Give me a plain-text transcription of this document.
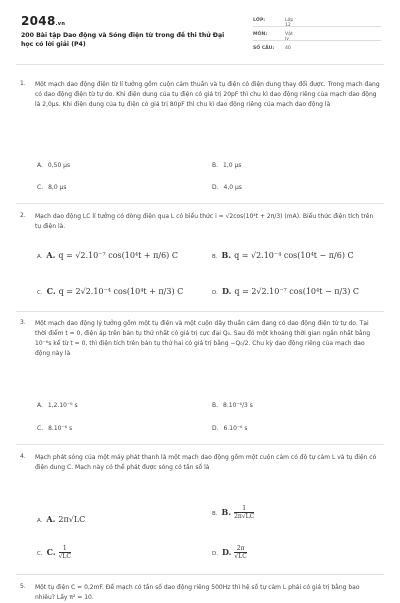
2048.vn
200 Bài tập Dao động và Sóng điện từ trong đề thi thử Đại học có lời giải (P4)
LỚP:	Lớp 12
MÔN:	Vật lý
SỐ CÂU:	40
1. Một mạch dao động điện từ lí tưởng gồm cuộn cảm thuần và tụ điện có điện dung thay đổi được. Trong mạch đang có dao động điện từ tự do. Khi điện dung của tụ điện có giá trị 20pF thì chu kì dao động riêng của mạch dao động là 2,0µs. Khi điện dung của tụ điện có giá trị 80pF thì chu kì dao động riêng của mạch dao động là
A. 0,50 µs	B. 1,0 µs
C. 8,0 µs	D. 4,0 µs
2. Mạch dao động LC lí tưởng có dòng điện qua L có biểu thức i = √2cos(10⁴t + 2π/3) (mA). Biểu thức điện tích trên tụ điện là.
A. A. q = √2.10⁻⁷ cos(10⁴t + π/6) C	B. B. q = √2.10⁻⁴ cos(10⁴t − π/6) C
C. C. q = 2√2.10⁻⁴ cos(10⁴t + π/3) C	D. D. q = 2√2.10⁻⁷ cos(10⁴t − π/3) C
3. Một mạch dao động lý tưởng gồm một tụ điện và một cuộn dây thuần cảm đang có dao động điện từ tự do. Tại thời điểm t = 0, điện áp trên bản tụ thứ nhất có giá trị cực đại Q₀. Sau đó một khoảng thời gian ngắn nhất bằng 10⁻⁶s kể từ t = 0, thì điện tích trên bản tụ thứ hai có giá trị bằng −Q₀/2. Chu kỳ dao động riêng của mạch dao động này là
A. 1,2.10⁻⁶ s	B. 8.10⁻⁶/3 s
C. 8.10⁻⁶ s	D. 6.10⁻⁶ s
4. Mạch phát sóng của một máy phát thanh là một mạch dao động gồm một cuộn cảm có độ tự cảm L và tụ điện có điện dung C. Mạch này có thể phát được sóng có tần số là
A. A. 2π√LC
B. B. $\frac{1}{2\pi√LC}$
C. C. $\frac{1}{√LC}$	D. D. $\frac{2\pi}{√LC}$
5. Một tụ điện C = 0,2mF. Để mạch có tần số dao động riêng 500Hz thì hệ số tự cảm L phải có giá trị bằng bao nhiêu? Lấy π² = 10.
